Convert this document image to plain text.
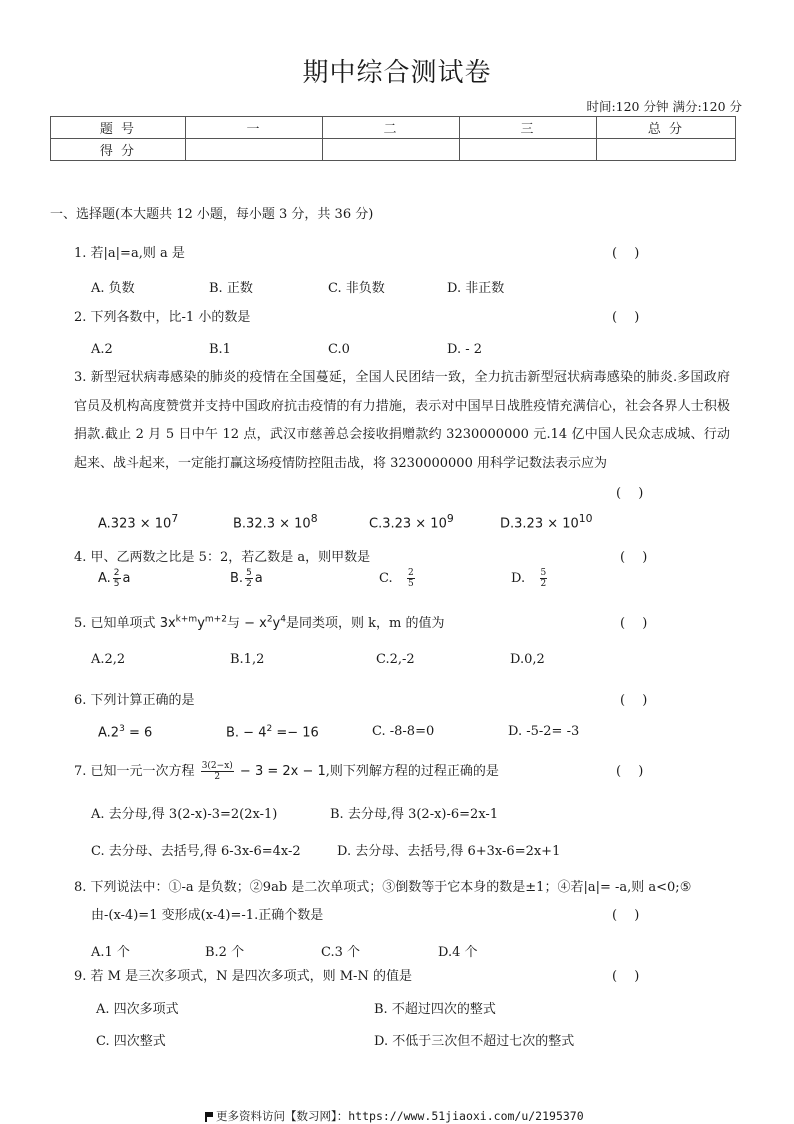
期中综合测试卷
时间:120 分钟 满分:120 分
题 号	一	二	三	总 分
得 分				
一、选择题(本大题共 12 小题，每小题 3 分，共 36 分)
1. 若|a|=a,则 a 是	(　 )
A. 负数	B. 正数	C. 非负数	D. 非正数
2. 下列各数中，比-1 小的数是	(　 )
A.2	B.1	C.0	D. - 2
3. 新型冠状病毒感染的肺炎的疫情在全国蔓延，全国人民团结一致，全力抗击新型冠状病毒感染的肺炎.多国政府官员及机构高度赞赏并支持中国政府抗击疫情的有力措施，表示对中国早日战胜疫情充满信心，社会各界人士积极捐款.截止 2 月 5 日中午 12 点，武汉市慈善总会接收捐赠款约 3230000000 元.14 亿中国人民众志成城、行动起来、战斗起来，一定能打赢这场疫情防控阻击战，将 3230000000 用科学记数法表示应为
(　 )
$A.323 \times 10^7$	$B.32.3 \times 10^8$	$C.3.23 \times 10^9$	$D.3.23 \times 10^{10}$
4. 甲、乙两数之比是 5：2，若乙数是 a，则甲数是	(　 )
A. $\frac{2}{5}$ a	B. $\frac{5}{2}$ a	C. $\frac{2}{5}$	D. $\frac{5}{2}$
5. 已知单项式 $3x^{k+m}y^{m+2}$与 − $x^2y^4$是同类项，则 k，m 的值为	(　 )
A.2,2	B.1,2	C.2,-2	D.0,2
6. 下列计算正确的是	(　 )
$A.2^3 = 6$	B. − $4^2 =- 16$	C. -8-8=0	D. -5-2= -3
7. 已知一元一次方程 $\frac{3(2-x)}{2} - 3 = 2x - 1$,则下列解方程的过程正确的是	(　 )
A. 去分母,得 3(2-x)-3=2(2x-1)	B. 去分母,得 3(2-x)-6=2x-1
C. 去分母、去括号,得 6-3x-6=4x-2	D. 去分母、去括号,得 6+3x-6=2x+1
8. 下列说法中：①-a 是负数；②9ab 是二次单项式；③倒数等于它本身的数是±1；④若|a|= -a,则 a<0;⑤
由-(x-4)=1 变形成(x-4)=-1.正确个数是	(　 )
A.1 个	B.2 个	C.3 个	D.4 个
9. 若 M 是三次多项式，N 是四次多项式，则 M-N 的值是	(　 )
A. 四次多项式	B. 不超过四次的整式
C. 四次整式	D. 不低于三次但不超过七次的整式
更多资料访问【数习网】：https://www.51jiaoxi.com/u/2195370
